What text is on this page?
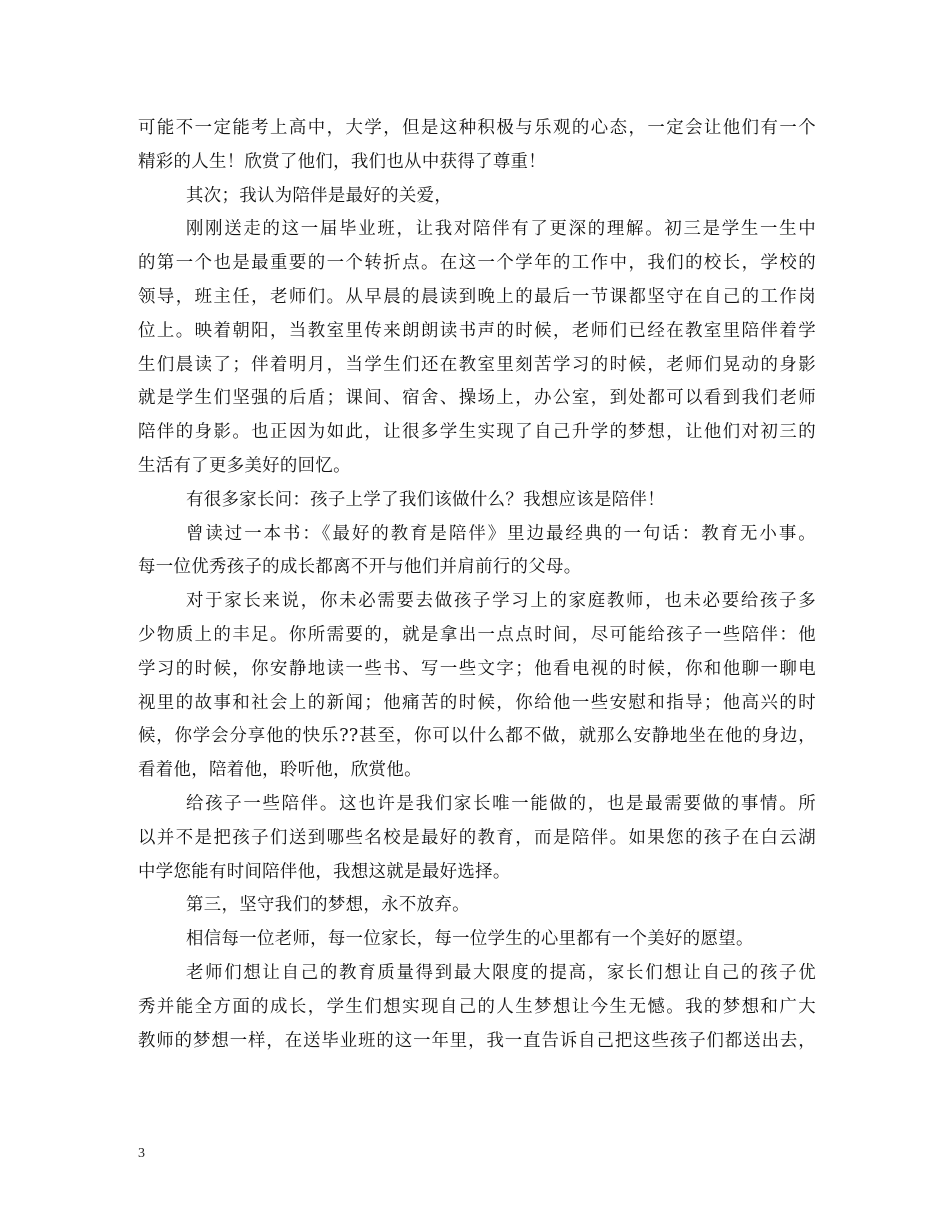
可能不一定能考上高中，大学，但是这种积极与乐观的心态，一定会让他们有一个
精彩的人生！欣赏了他们，我们也从中获得了尊重！
其次；我认为陪伴是最好的关爱，
刚刚送走的这一届毕业班，让我对陪伴有了更深的理解。初三是学生一生中
的第一个也是最重要的一个转折点。在这一个学年的工作中，我们的校长，学校的
领导，班主任，老师们。从早晨的晨读到晚上的最后一节课都坚守在自己的工作岗
位上。映着朝阳，当教室里传来朗朗读书声的时候，老师们已经在教室里陪伴着学
生们晨读了；伴着明月，当学生们还在教室里刻苦学习的时候，老师们晃动的身影
就是学生们坚强的后盾；课间、宿舍、操场上，办公室，到处都可以看到我们老师
陪伴的身影。也正因为如此，让很多学生实现了自己升学的梦想，让他们对初三的
生活有了更多美好的回忆。
有很多家长问：孩子上学了我们该做什么？我想应该是陪伴！
曾读过一本书：《最好的教育是陪伴》里边最经典的一句话：教育无小事。
每一位优秀孩子的成长都离不开与他们并肩前行的父母。
对于家长来说，你未必需要去做孩子学习上的家庭教师，也未必要给孩子多
少物质上的丰足。你所需要的，就是拿出一点点时间，尽可能给孩子一些陪伴：他
学习的时候，你安静地读一些书、写一些文字；他看电视的时候，你和他聊一聊电
视里的故事和社会上的新闻；他痛苦的时候，你给他一些安慰和指导；他高兴的时
候，你学会分享他的快乐??甚至，你可以什么都不做，就那么安静地坐在他的身边，
看着他，陪着他，聆听他，欣赏他。
给孩子一些陪伴。这也许是我们家长唯一能做的，也是最需要做的事情。所
以并不是把孩子们送到哪些名校是最好的教育，而是陪伴。如果您的孩子在白云湖
中学您能有时间陪伴他，我想这就是最好选择。
第三，坚守我们的梦想，永不放弃。
相信每一位老师，每一位家长，每一位学生的心里都有一个美好的愿望。
老师们想让自己的教育质量得到最大限度的提高，家长们想让自己的孩子优
秀并能全方面的成长，学生们想实现自己的人生梦想让今生无憾。我的梦想和广大
教师的梦想一样，在送毕业班的这一年里，我一直告诉自己把这些孩子们都送出去，
3
